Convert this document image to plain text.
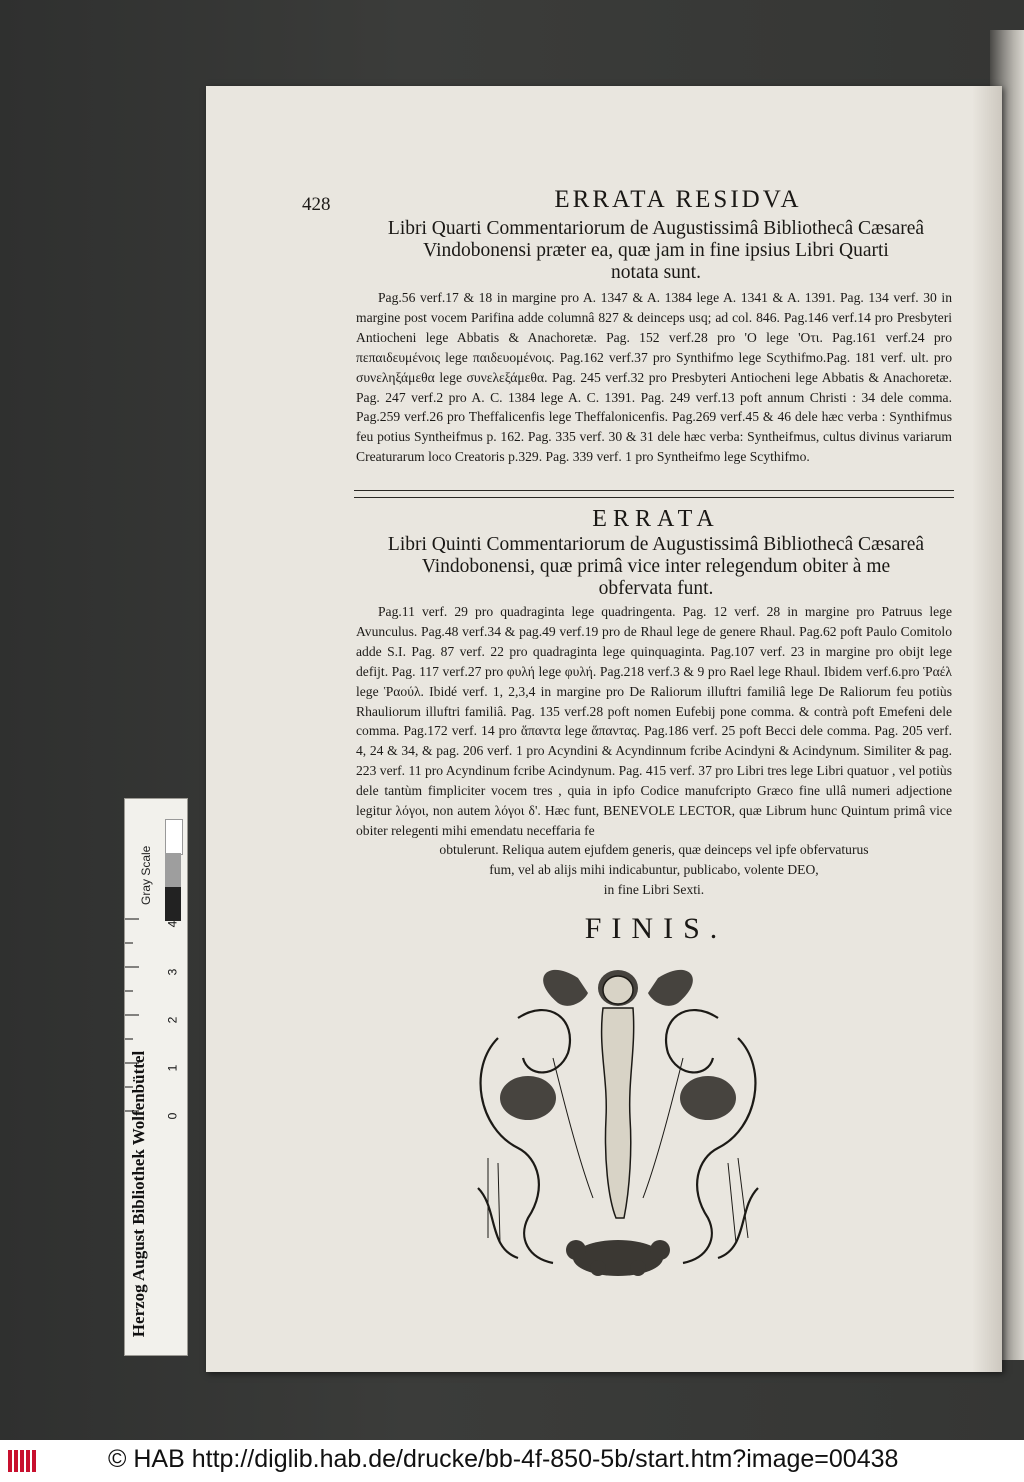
428	ERRATA RESIDVA
Libri Quarti Commentariorum de Augustissimâ Bibliothecâ Cæsareâ
Vindobonensi præter ea, quæ jam in fine ipsius Libri Quarti
notata sunt.
Pag.56 verf.17 & 18 in margine pro A. 1347 & A. 1384 lege A. 1341 & A. 1391. Pag. 134 verf. 30 in margine post vocem Parifina adde columnâ 827 & deinceps usq; ad col. 846. Pag.146 verf.14 pro Presbyteri Antiocheni lege Abbatis & Anachoretæ. Pag. 152 verf.28 pro 'O lege 'Oτι. Pag.161 verf.24 pro πεπαιδευμένοις lege παιδευομένοις. Pag.162 verf.37 pro Synthifmo lege Scythifmo.Pag. 181 verf. ult. pro συνεληξάμεθα lege συνελεξάμεθα. Pag. 245 verf.32 pro Presbyteri Antiocheni lege Abbatis & Anachoretæ. Pag. 247 verf.2 pro A. C. 1384 lege A. C. 1391. Pag. 249 verf.13 poft annum Christi : 34 dele comma. Pag.259 verf.26 pro Theffalicenfis lege Theffalonicenfis. Pag.269 verf.45 & 46 dele hæc verba : Synthifmus feu potius Syntheifmus p. 162. Pag. 335 verf. 30 & 31 dele hæc verba: Syntheifmus, cultus divinus variarum Creaturarum loco Creatoris p.329. Pag. 339 verf. 1 pro Syntheifmo lege Scythifmo.
ERRATA
Libri Quinti Commentariorum de Augustissimâ Bibliothecâ Cæsareâ
Vindobonensi, quæ primâ vice inter relegendum obiter à me
obfervata funt.
Pag.11 verf. 29 pro quadraginta lege quadringenta. Pag. 12 verf. 28 in margine pro Patruus lege Avunculus. Pag.48 verf.34 & pag.49 verf.19 pro de Rhaul lege de genere Rhaul. Pag.62 poft Paulo Comitolo adde S.I. Pag. 87 verf. 22 pro quadraginta lege quinquaginta. Pag.107 verf. 23 in margine pro obijt lege defijt. Pag. 117 verf.27 pro φυλή lege φυλή. Pag.218 verf.3 & 9 pro Rael lege Rhaul. Ibidem verf.6.pro Ῥαέλ lege Ῥαούλ. Ibidé verf. 1, 2,3,4 in margine pro De Raliorum illuftri familiâ lege De Raliorum feu potiùs Rhauliorum illuftri familiâ. Pag. 135 verf.28 poft nomen Eufebij pone comma. & contrà poft Emefeni dele comma. Pag.172 verf. 14 pro ἅπαντα lege ἅπαντας. Pag.186 verf. 25 poft Becci dele comma. Pag. 205 verf. 4, 24 & 34, & pag. 206 verf. 1 pro Acyndini & Acyndinnum fcribe Acindyni & Acindynum. Similiter & pag. 223 verf. 11 pro Acyndinum fcribe Acindynum. Pag. 415 verf. 37 pro Libri tres lege Libri quatuor , vel potiùs dele tantùm fimpliciter vocem tres , quia in ipfo Codice manufcripto Græco fine ullâ numeri adjectione legitur λόγοι, non autem λόγοι δ'. Hæc funt, BENEVOLE LECTOR, quæ Librum hunc Quintum primâ vice obiter relegenti mihi emendatu neceffaria fe
obtulerunt. Reliqua autem ejufdem generis, quæ deinceps vel ipfe obfervaturus
fum, vel ab alijs mihi indicabuntur, publicabo, volente DEO,
in fine Libri Sexti.
FINIS.
Herzog August Bibliothek Wolfenbüttel
Gray Scale
0
1
2
3
4
© HAB http://diglib.hab.de/drucke/bb-4f-850-5b/start.htm?image=00438
